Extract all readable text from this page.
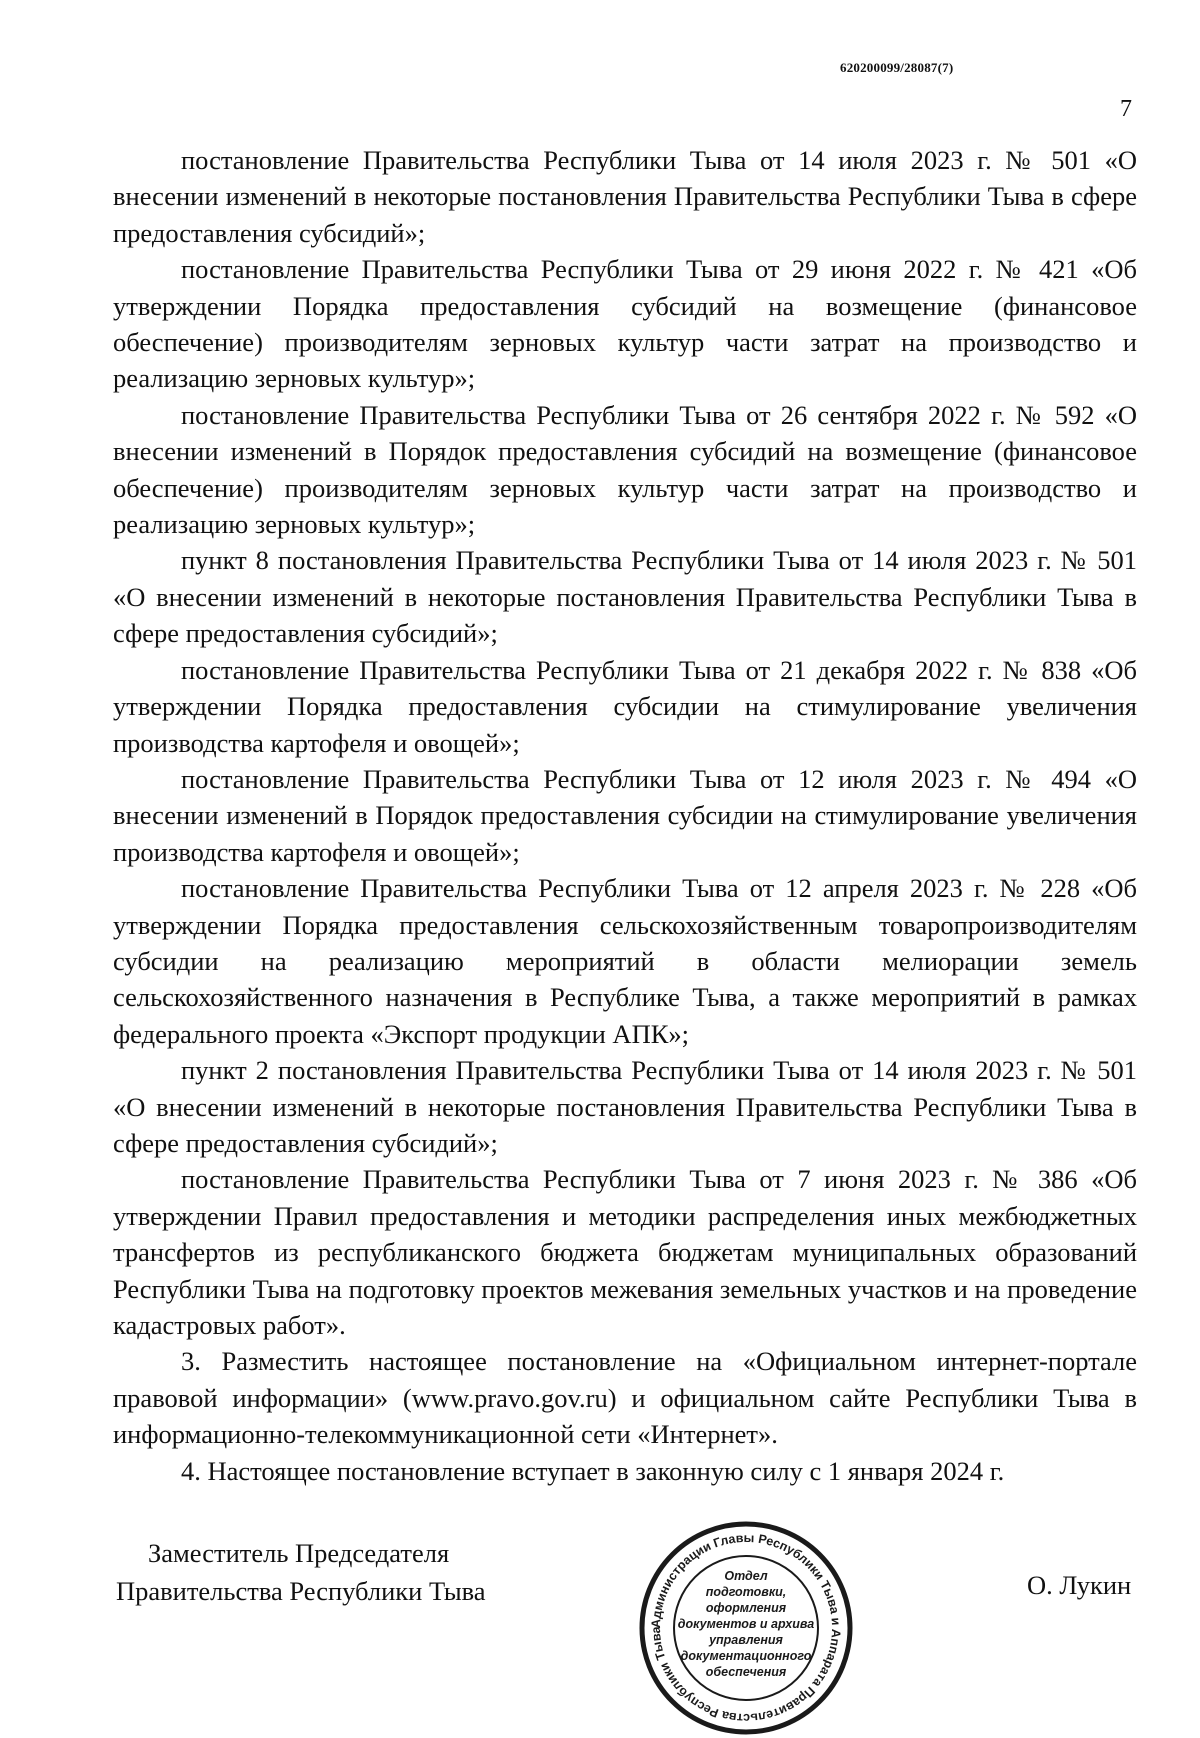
620200099/28087(7)
7

постановление Правительства Республики Тыва от 14 июля 2023 г. № 501 «О внесении изменений в некоторые постановления Правительства Республики Тыва в сфере предоставления субсидий»;

постановление Правительства Республики Тыва от 29 июня 2022 г. № 421 «Об утверждении Порядка предоставления субсидий на возмещение (финансовое обеспечение) производителям зерновых культур части затрат на производство и реализацию зерновых культур»;

постановление Правительства Республики Тыва от 26 сентября 2022 г. № 592 «О внесении изменений в Порядок предоставления субсидий на возмещение (финансовое обеспечение) производителям зерновых культур части затрат на производство и реализацию зерновых культур»;

пункт 8 постановления Правительства Республики Тыва от 14 июля 2023 г. № 501 «О внесении изменений в некоторые постановления Правительства Республики Тыва в сфере предоставления субсидий»;

постановление Правительства Республики Тыва от 21 декабря 2022 г. № 838 «Об утверждении Порядка предоставления субсидии на стимулирование увеличения производства картофеля и овощей»;

постановление Правительства Республики Тыва от 12 июля 2023 г. № 494 «О внесении изменений в Порядок предоставления субсидии на стимулирование увеличения производства картофеля и овощей»;

постановление Правительства Республики Тыва от 12 апреля 2023 г. № 228 «Об утверждении Порядка предоставления сельскохозяйственным товаропроизводителям субсидии на реализацию мероприятий в области мелиорации земель сельскохозяйственного назначения в Республике Тыва, а также мероприятий в рамках федерального проекта «Экспорт продукции АПК»;

пункт 2 постановления Правительства Республики Тыва от 14 июля 2023 г. № 501 «О внесении изменений в некоторые постановления Правительства Республики Тыва в сфере предоставления субсидий»;

постановление Правительства Республики Тыва от 7 июня 2023 г. № 386 «Об утверждении Правил предоставления и методики распределения иных межбюджетных трансфертов из республиканского бюджета бюджетам муниципальных образований Республики Тыва на подготовку проектов межевания земельных участков и на проведение кадастровых работ».

3. Разместить настоящее постановление на «Официальном интернет-портале правовой информации» (www.pravo.gov.ru) и официальном сайте Республики Тыва в информационно-телекоммуникационной сети «Интернет».

4. Настоящее постановление вступает в законную силу с 1 января 2024 г.

Заместитель Председателя
Правительства Республики Тыва
Администрации Главы Республики Тыва и Аппарата Правительства Республики Тыва
Отдел
подготовки,
оформления
документов и архива
управления
документационного
обеспечения
О. Лукин
